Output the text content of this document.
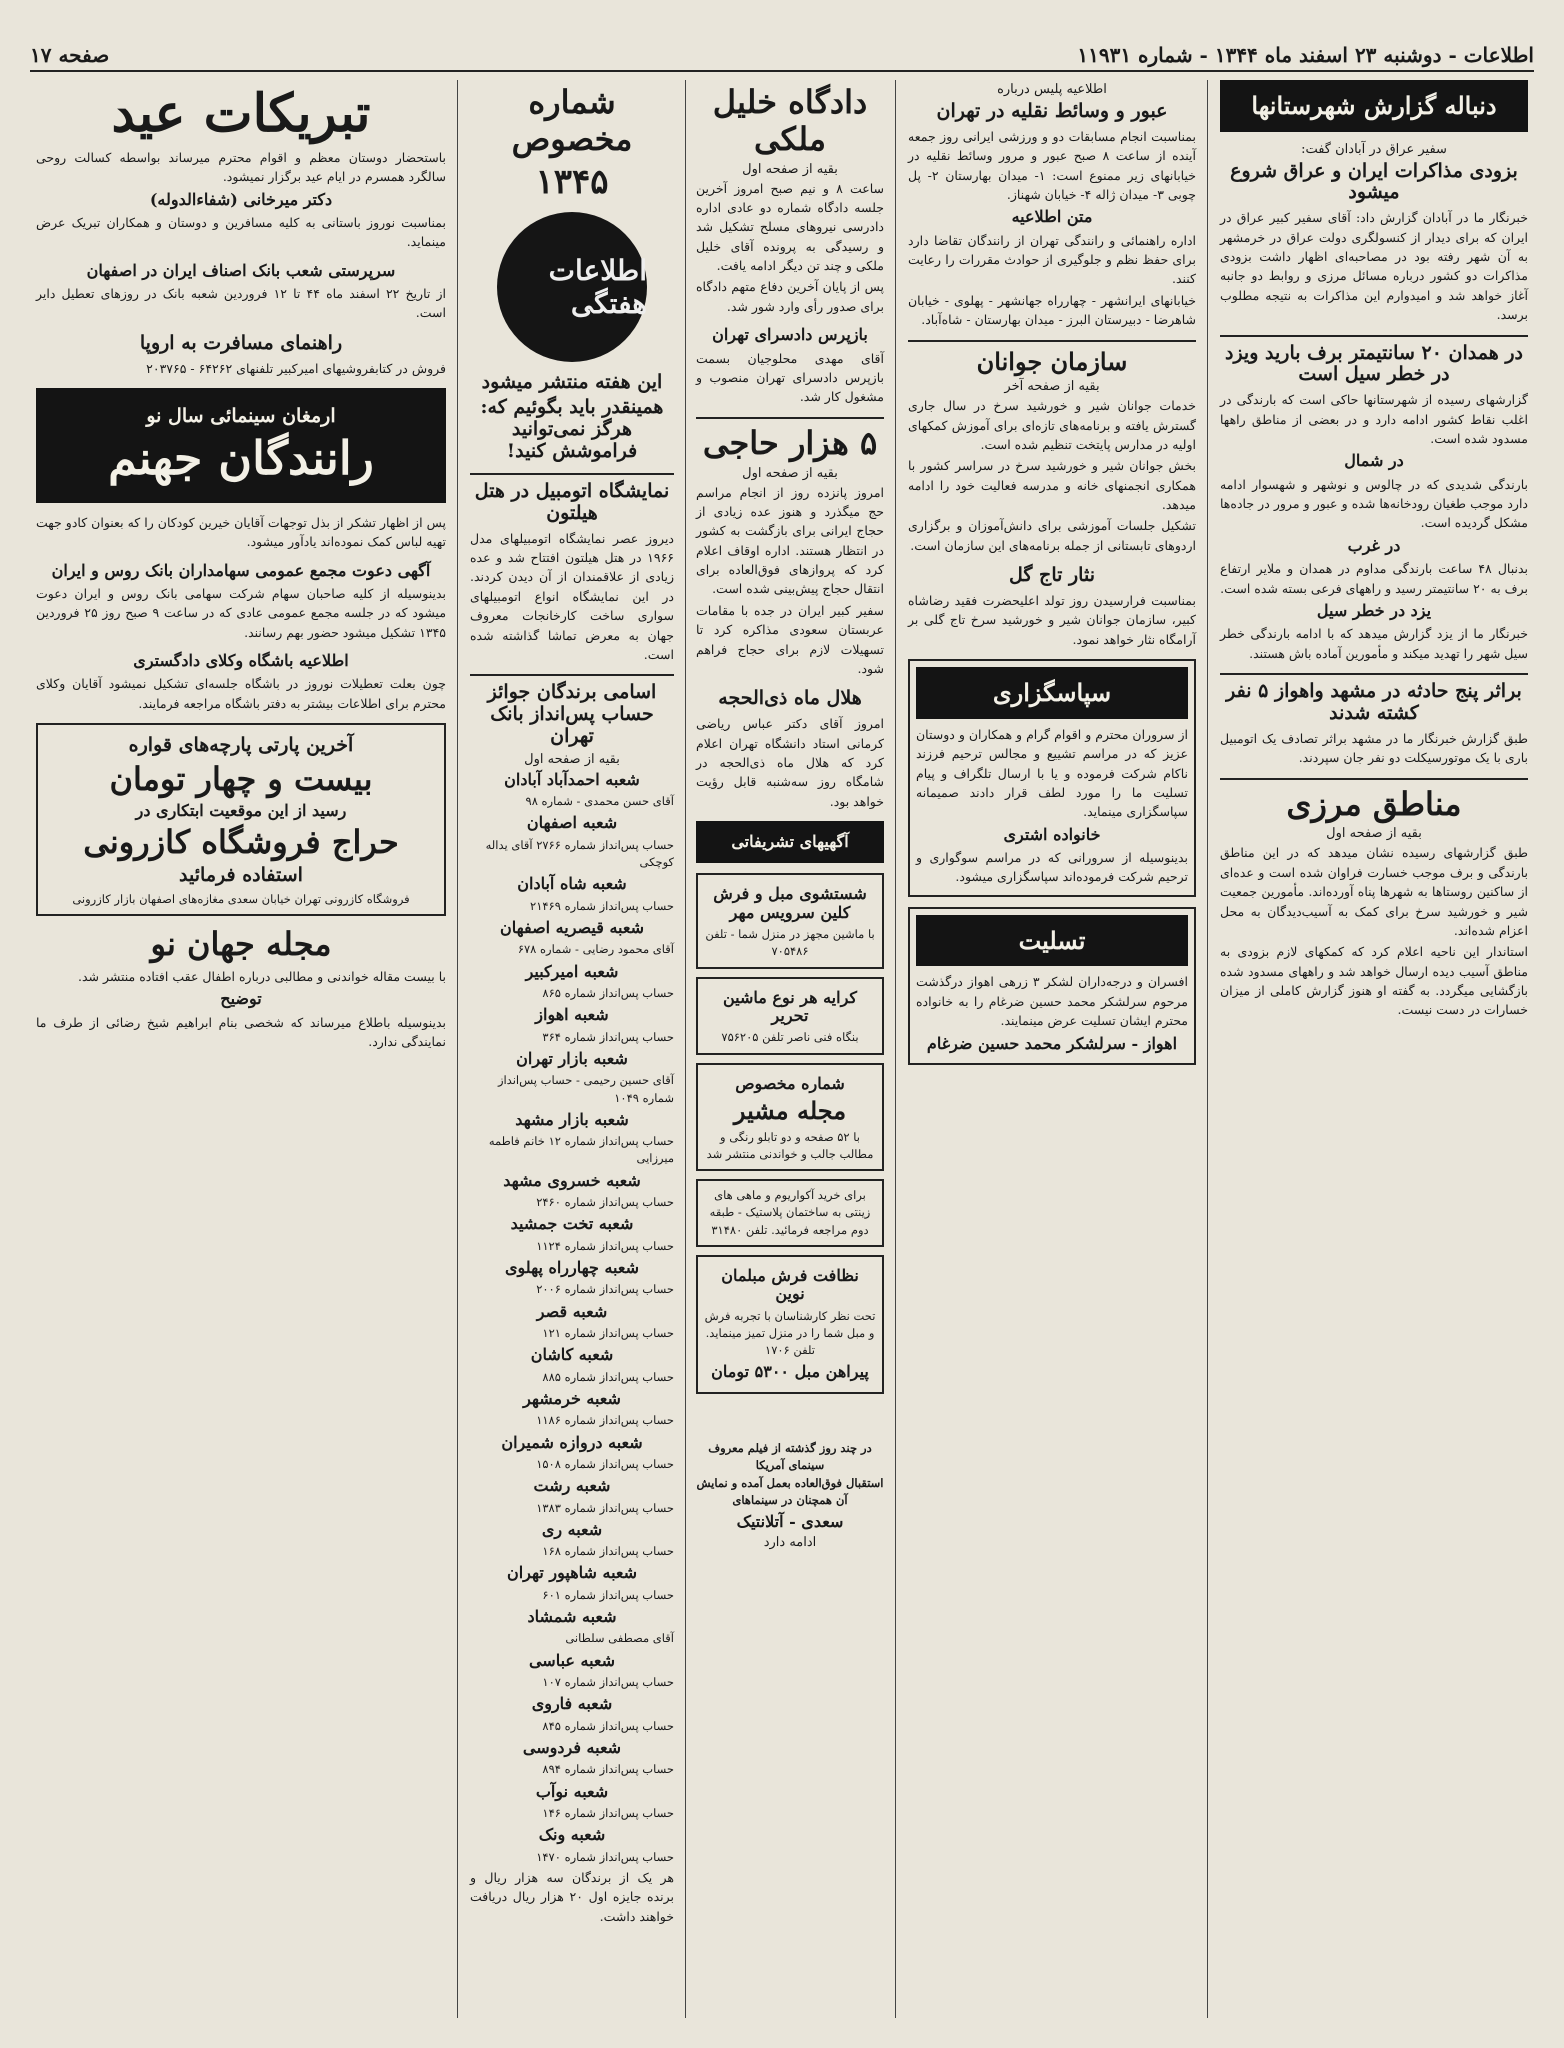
اطلاعات - دوشنبه ۲۳ اسفند ماه ۱۳۴۴ - شماره ۱۱۹۳۱
صفحه ۱۷
دنباله گزارش شهرستانها
سفیر عراق در آبادان گفت:
بزودی مذاکرات ایران و عراق شروع میشود

خبرنگار ما در آبادان گزارش داد: آقای سفیر کبیر عراق در ایران که برای دیدار از کنسولگری دولت عراق در خرمشهر به آن شهر رفته بود در مصاحبه‌ای اظهار داشت بزودی مذاکرات دو کشور درباره مسائل مرزی و روابط دو جانبه آغاز خواهد شد و امیدوارم این مذاکرات به نتیجه مطلوب برسد.

در همدان ۲۰ سانتیمتر برف بارید ویزد در خطر سیل است

گزارشهای رسیده از شهرستانها حاکی است که بارندگی در اغلب نقاط کشور ادامه دارد و در بعضی از مناطق راهها مسدود شده است.

در شمال

بارندگی شدیدی که در چالوس و نوشهر و شهسوار ادامه دارد موجب طغیان رودخانه‌ها شده و عبور و مرور در جاده‌ها مشکل گردیده است.

در غرب

بدنبال ۴۸ ساعت بارندگی مداوم در همدان و ملایر ارتفاع برف به ۲۰ سانتیمتر رسید و راههای فرعی بسته شده است.

یزد در خطر سیل

خبرنگار ما از یزد گزارش میدهد که با ادامه بارندگی خطر سیل شهر را تهدید میکند و مأمورین آماده باش هستند.

براثر پنج حادثه در مشهد واهواز ۵ نفر کشته شدند

طبق گزارش خبرنگار ما در مشهد براثر تصادف یک اتومبیل باری با یک موتورسیکلت دو نفر جان سپردند.

مناطق مرزی
بقیه از صفحه اول

طبق گزارشهای رسیده نشان میدهد که در این مناطق بارندگی و برف موجب خسارت فراوان شده است و عده‌ای از ساکنین روستاها به شهرها پناه آورده‌اند. مأمورین جمعیت شیر و خورشید سرخ برای کمک به آسیب‌دیدگان به محل اعزام شده‌اند.

استاندار این ناحیه اعلام کرد که کمکهای لازم بزودی به مناطق آسیب دیده ارسال خواهد شد و راههای مسدود شده بازگشایی میگردد. به گفته او هنوز گزارش کاملی از میزان خسارات در دست نیست.

اطلاعیه پلیس درباره
عبور و وسائط نقلیه در تهران

بمناسبت انجام مسابقات دو و ورزشی ایرانی روز جمعه آینده از ساعت ۸ صبح عبور و مرور وسائط نقلیه در خیابانهای زیر ممنوع است: ۱- میدان بهارستان ۲- پل چوبی ۳- میدان ژاله ۴- خیابان شهناز.

متن اطلاعیه

اداره راهنمائی و رانندگی تهران از رانندگان تقاضا دارد برای حفظ نظم و جلوگیری از حوادث مقررات را رعایت کنند.

خیابانهای ایرانشهر - چهارراه جهانشهر - پهلوی - خیابان شاهرضا - دبیرستان البرز - میدان بهارستان - شاه‌آباد.

سازمان جوانان
بقیه از صفحه آخر

خدمات جوانان شیر و خورشید سرخ در سال جاری گسترش یافته و برنامه‌های تازه‌ای برای آموزش کمکهای اولیه در مدارس پایتخت تنظیم شده است.

بخش جوانان شیر و خورشید سرخ در سراسر کشور با همکاری انجمنهای خانه و مدرسه فعالیت خود را ادامه میدهد.

تشکیل جلسات آموزشی برای دانش‌آموزان و برگزاری اردوهای تابستانی از جمله برنامه‌های این سازمان است.

نثار تاج گل

بمناسبت فرارسیدن روز تولد اعلیحضرت فقید رضاشاه کبیر، سازمان جوانان شیر و خورشید سرخ تاج گلی بر آرامگاه نثار خواهد نمود.

سپاسگزاری

از سروران محترم و اقوام گرام و همکاران و دوستان عزیز که در مراسم تشییع و مجالس ترحیم فرزند ناکام شرکت فرموده و یا با ارسال تلگراف و پیام تسلیت ما را مورد لطف قرار دادند صمیمانه سپاسگزاری مینماید.

خانواده اشتری

بدینوسیله از سرورانی که در مراسم سوگواری و ترحیم شرکت فرموده‌اند سپاسگزاری میشود.

تسلیت

افسران و درجه‌داران لشکر ۳ زرهی اهواز درگذشت مرحوم سرلشکر محمد حسین ضرغام را به خانواده محترم ایشان تسلیت عرض مینمایند.

اهواز - سرلشکر محمد حسین ضرغام
دادگاه خلیل ملکی
بقیه از صفحه اول

ساعت ۸ و نیم صبح امروز آخرین جلسه دادگاه شماره دو عادی اداره دادرسی نیروهای مسلح تشکیل شد و رسیدگی به پرونده آقای خلیل ملکی و چند تن دیگر ادامه یافت.

پس از پایان آخرین دفاع متهم دادگاه برای صدور رأی وارد شور شد.

بازپرس دادسرای تهران

آقای مهدی محلوجیان بسمت بازپرس دادسرای تهران منصوب و مشغول کار شد.

۵ هزار حاجی
بقیه از صفحه اول

امروز پانزده روز از انجام مراسم حج میگذرد و هنوز عده زیادی از حجاج ایرانی برای بازگشت به کشور در انتظار هستند. اداره اوقاف اعلام کرد که پروازهای فوق‌العاده برای انتقال حجاج پیش‌بینی شده است.

سفیر کبیر ایران در جده با مقامات عربستان سعودی مذاکره کرد تا تسهیلات لازم برای حجاج فراهم شود.

هلال ماه ذی‌الحجه

امروز آقای دکتر عباس ریاضی کرمانی استاد دانشگاه تهران اعلام کرد که هلال ماه ذی‌الحجه در شامگاه روز سه‌شنبه قابل رؤیت خواهد بود.

آگهیهای تشریفاتی
شستشوی مبل و فرش کلین سرویس مهر
با ماشین مجهز در منزل شما - تلفن ۷۰۵۴۸۶
کرایه هر نوع ماشین تحریر
بنگاه فنی ناصر تلفن ۷۵۶۲۰۵
شماره مخصوص
مجله مشیر
با ۵۲ صفحه و دو تابلو رنگی و مطالب جالب و خواندنی منتشر شد
برای خرید آکواریوم و ماهی های زینتی به ساختمان پلاستیک - طبقه دوم مراجعه فرمائید. تلفن ۳۱۴۸۰
نظافت فرش مبلمان نوین
تحت نظر کارشناسان با تجربه فرش و مبل شما را در منزل تمیز مینماید. تلفن ۱۷۰۶
پیراهن مبل ۵۳۰۰ تومان
شماره مخصوص
۱۳۴۵
اطلاعات هفتگی
این هفته منتشر میشود
همینقدر باید بگوئیم که: هرگز نمی‌توانید فراموشش کنید!
نمایشگاه اتومبیل در هتل هیلتون

دیروز عصر نمایشگاه اتومبیلهای مدل ۱۹۶۶ در هتل هیلتون افتتاح شد و عده زیادی از علاقمندان از آن دیدن کردند. در این نمایشگاه انواع اتومبیلهای سواری ساخت کارخانجات معروف جهان به معرض تماشا گذاشته شده است.

اسامی برندگان جوائز حساب پس‌انداز بانک تهران
بقیه از صفحه اول
شعبه احمدآباد آبادان
آقای حسن محمدی - شماره ۹۸
شعبه اصفهان
حساب پس‌انداز شماره ۲۷۶۶ آقای یداله کوچکی
شعبه شاه آبادان
حساب پس‌انداز شماره ۲۱۴۶۹
شعبه قیصریه اصفهان
آقای محمود رضایی - شماره ۶۷۸
شعبه امیرکبیر
حساب پس‌انداز شماره ۸۶۵
شعبه اهواز
حساب پس‌انداز شماره ۳۶۴
شعبه بازار تهران
آقای حسین رحیمی - حساب پس‌انداز شماره ۱۰۴۹
شعبه بازار مشهد
حساب پس‌انداز شماره ۱۲ خانم فاطمه میرزایی
شعبه خسروی مشهد
حساب پس‌انداز شماره ۲۴۶۰
شعبه تخت جمشید
حساب پس‌انداز شماره ۱۱۲۴
شعبه چهارراه پهلوی
حساب پس‌انداز شماره ۲۰۰۶
شعبه قصر
حساب پس‌انداز شماره ۱۲۱
شعبه کاشان
حساب پس‌انداز شماره ۸۸۵
شعبه خرمشهر
حساب پس‌انداز شماره ۱۱۸۶
شعبه دروازه شمیران
حساب پس‌انداز شماره ۱۵۰۸
شعبه رشت
حساب پس‌انداز شماره ۱۳۸۳
شعبه ری
حساب پس‌انداز شماره ۱۶۸
شعبه شاهپور تهران
حساب پس‌انداز شماره ۶۰۱
شعبه شمشاد
آقای مصطفی سلطانی
شعبه عباسی
حساب پس‌انداز شماره ۱۰۷
شعبه فاروی
حساب پس‌انداز شماره ۸۴۵
شعبه فردوسی
حساب پس‌انداز شماره ۸۹۴
شعبه نوآب
حساب پس‌انداز شماره ۱۴۶
شعبه ونک
حساب پس‌انداز شماره ۱۴۷۰

هر یک از برندگان سه هزار ریال و برنده جایزه اول ۲۰ هزار ریال دریافت خواهند داشت.

تبریکات عید

باستحضار دوستان معظم و اقوام محترم میرساند بواسطه کسالت روحی سالگرد همسرم در ایام عید برگزار نمیشود.

دکتر میرخانی (شفاءالدوله)

بمناسبت نوروز باستانی به کلیه مسافرین و دوستان و همکاران تبریک عرض مینماید.

سرپرستی شعب بانک اصناف ایران در اصفهان

از تاریخ ۲۲ اسفند ماه ۴۴ تا ۱۲ فروردین شعبه بانک در روزهای تعطیل دایر است.

راهنمای مسافرت به اروپا

فروش در کتابفروشیهای امیرکبیر تلفنهای ۶۴۲۶۲ - ۲۰۳۷۶۵

ارمغان سینمائی سال نو
رانندگان جهنم

پس از اظهار تشکر از بذل توجهات آقایان خیرین کودکان را که بعنوان کادو جهت تهیه لباس کمک نموده‌اند یادآور میشود.

آگهی دعوت مجمع عمومی سهامداران بانک روس و ایران

بدینوسیله از کلیه صاحبان سهام شرکت سهامی بانک روس و ایران دعوت میشود که در جلسه مجمع عمومی عادی که در ساعت ۹ صبح روز ۲۵ فروردین ۱۳۴۵ تشکیل میشود حضور بهم رسانند.

اطلاعیه باشگاه وکلای دادگستری

چون بعلت تعطیلات نوروز در باشگاه جلسه‌ای تشکیل نمیشود آقایان وکلای محترم برای اطلاعات بیشتر به دفتر باشگاه مراجعه فرمایند.

آخرین پارتی پارچه‌های قواره
بیست و چهار تومان
رسید از این موقعیت ابتکاری در
حراج فروشگاه کازرونی
استفاده فرمائید
فروشگاه کازرونی تهران خیابان سعدی مغازه‌های اصفهان بازار کازرونی
مجله جهان نو

با بیست مقاله خواندنی و مطالبی درباره اطفال عقب افتاده منتشر شد.

توضیح

بدینوسیله باطلاع میرساند که شخصی بنام ابراهیم شیخ رضائی از طرف ما نمایندگی ندارد.

در چند روز گذشته از فیلم معروف سینمای آمریکا
استقبال فوق‌العاده بعمل آمده و نمایش آن همچنان در سینماهای
سعدی - آتلانتیک
ادامه دارد
